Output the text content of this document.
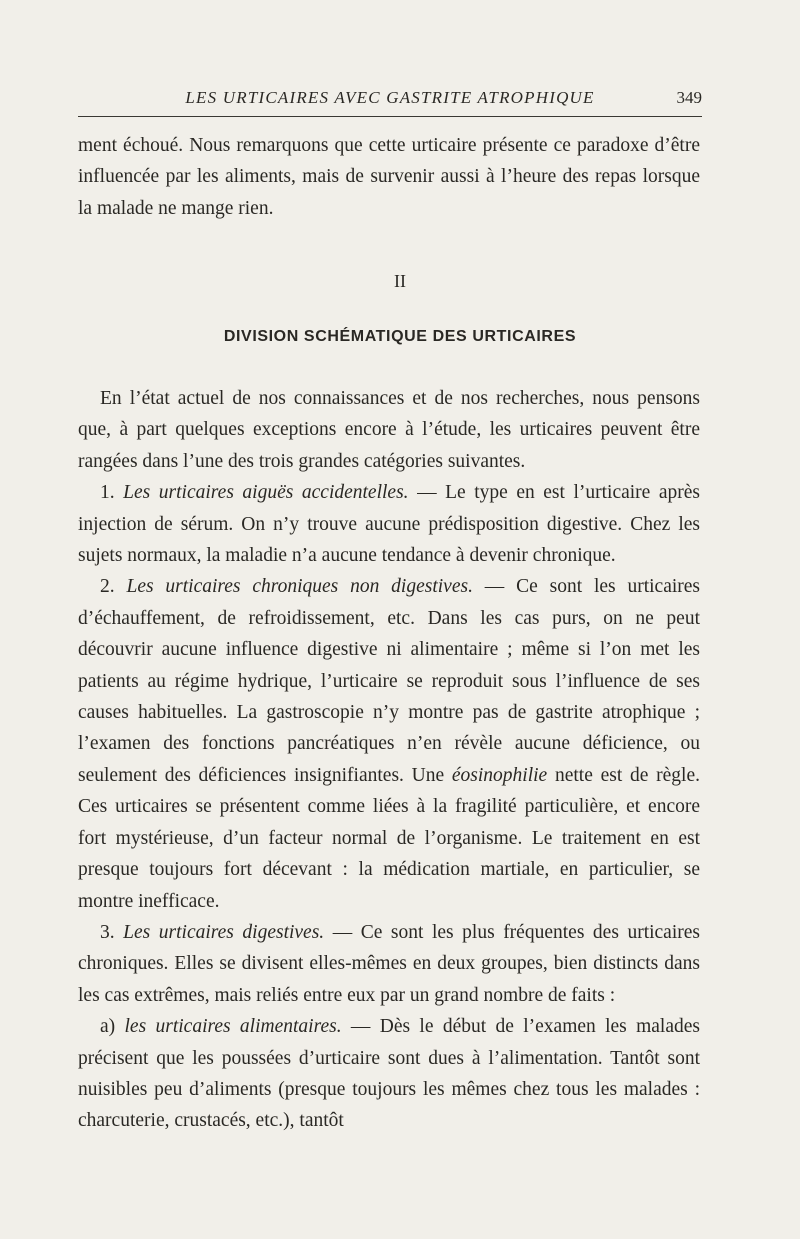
LES URTICAIRES AVEC GASTRITE ATROPHIQUE	349

ment échoué. Nous remarquons que cette urticaire présente ce paradoxe d’être influencée par les aliments, mais de survenir aussi à l’heure des repas lorsque la malade ne mange rien.

II
DIVISION SCHÉMATIQUE DES URTICAIRES

En l’état actuel de nos connaissances et de nos recherches, nous pensons que, à part quelques exceptions encore à l’étude, les urticaires peuvent être rangées dans l’une des trois grandes catégories suivantes.

1. Les urticaires aiguës accidentelles. — Le type en est l’urticaire après injection de sérum. On n’y trouve aucune prédisposition digestive. Chez les sujets normaux, la maladie n’a aucune tendance à devenir chronique.

2. Les urticaires chroniques non digestives. — Ce sont les urticaires d’échauffement, de refroidissement, etc. Dans les cas purs, on ne peut découvrir aucune influence digestive ni alimentaire ; même si l’on met les patients au régime hydrique, l’urticaire se reproduit sous l’influence de ses causes habituelles. La gastroscopie n’y montre pas de gastrite atrophique ; l’examen des fonctions pancréatiques n’en révèle aucune déficience, ou seulement des déficiences insignifiantes. Une éosinophilie nette est de règle. Ces urticaires se présentent comme liées à la fragilité particulière, et encore fort mystérieuse, d’un facteur normal de l’organisme. Le traitement en est presque toujours fort décevant : la médication martiale, en particulier, se montre inefficace.

3. Les urticaires digestives. — Ce sont les plus fréquentes des urticaires chroniques. Elles se divisent elles-mêmes en deux groupes, bien distincts dans les cas extrêmes, mais reliés entre eux par un grand nombre de faits :

a) les urticaires alimentaires. — Dès le début de l’examen les malades précisent que les poussées d’urticaire sont dues à l’alimentation. Tantôt sont nuisibles peu d’aliments (presque toujours les mêmes chez tous les malades : charcuterie, crustacés, etc.), tantôt
